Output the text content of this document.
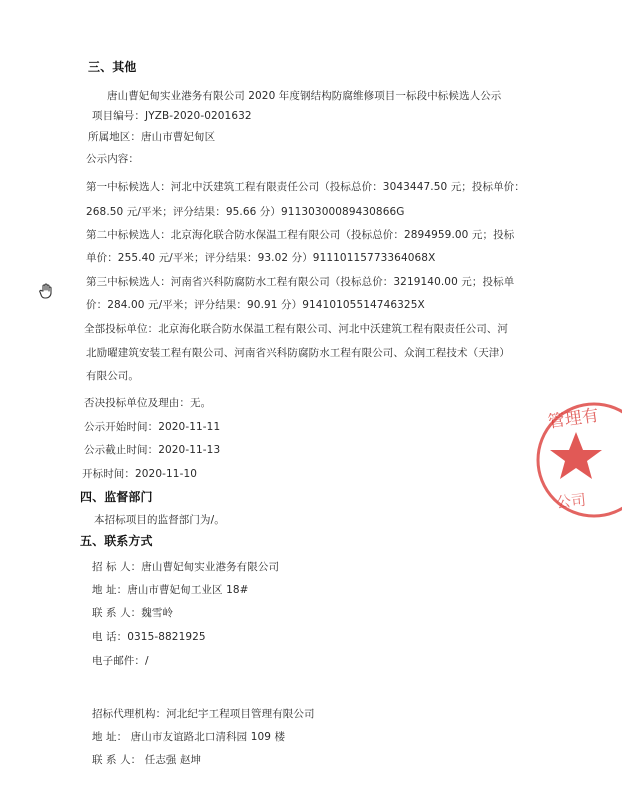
三、其他
唐山曹妃甸实业港务有限公司 2020 年度钢结构防腐维修项目一标段中标候选人公示
项目编号：JYZB-2020-0201632
所属地区：唐山市曹妃甸区
公示内容：
第一中标候选人：河北中沃建筑工程有限责任公司（投标总价：3043447.50 元；投标单价：
268.50 元/平米；评分结果：95.66 分）91130300089430866G
第二中标候选人：北京海化联合防水保温工程有限公司（投标总价：2894959.00 元；投标
单价：255.40 元/平米；评分结果：93.02 分）91110115773364068X
第三中标候选人：河南省兴科防腐防水工程有限公司（投标总价：3219140.00 元；投标单
价：284.00 元/平米；评分结果：90.91 分）91410105514746325X
全部投标单位：北京海化联合防水保温工程有限公司、河北中沃建筑工程有限责任公司、河
北励曜建筑安装工程有限公司、河南省兴科防腐防水工程有限公司、众润工程技术（天津）
有限公司。
否决投标单位及理由：无。
公示开始时间：2020-11-11
公示截止时间：2020-11-13
开标时间：2020-11-10
四、监督部门
本招标项目的监督部门为/。
五、联系方式
招 标 人：唐山曹妃甸实业港务有限公司
地 址：唐山市曹妃甸工业区 18#
联 系 人：魏雪岭
电 话：0315-8821925
电子邮件：/
招标代理机构：河北纪宇工程项目管理有限公司
地 址： 唐山市友谊路北口清科园 109 楼
联 系 人： 任志强 赵坤
管理有
公司
